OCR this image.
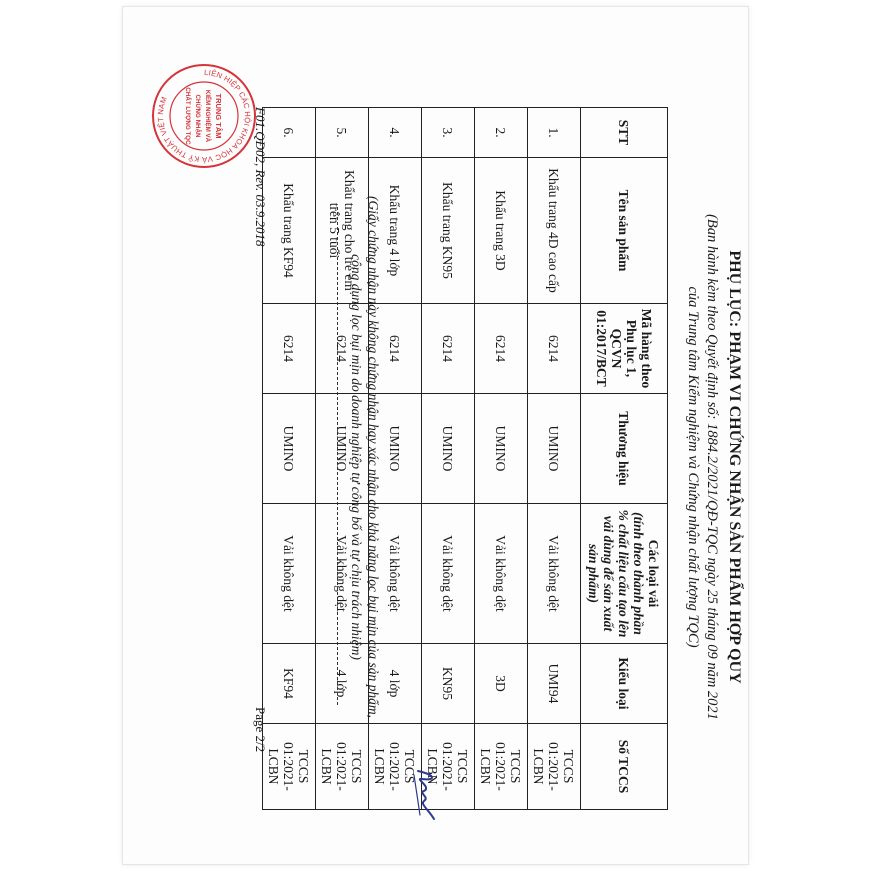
LIÊN HIỆP CÁC HỘI KHOA HỌC VÀ KỸ THUẬT VIỆT NAM	TRUNG TÂM
KIỂM NGHIỆM VÀ
CHỨNG NHẬN
CHẤT LƯỢNG TQC

PHỤ LỤC: PHẠM VI CHỨNG NHẬN SẢN PHẨM HỢP QUY

(Ban hành kèm theo Quyết định số: 1884.2/2021/QĐ-TQC ngày 25 tháng 09 năm 2021
của Trung tâm Kiểm nghiệm và Chứng nhận chất lượng TQC)

STT	Tên sản phẩm	Mã hàng theo
Phụ lục 1,
QCVN
01:2017/BCT	Thương hiệu	Các loại vải
(tính theo thành phần
% chất liệu cấu tạo lên
vải dùng để sản xuất
sản phẩm)	Kiểu loại	Số TCCS
1.	Khẩu trang 4D cao cấp	6214	UMINO	Vải không dệt	UMI94	TCCS 01:2021-LCBN
2.	Khẩu trang 3D	6214	UMINO	Vải không dệt	3D	TCCS 01:2021-LCBN
3.	Khẩu trang KN95	6214	UMINO	Vải không dệt	KN95	TCCS 01:2021-LCBN
4.	Khẩu trang 4 lớp	6214	UMINO	Vải không dệt	4 lớp	TCCS 01:2021-LCBN
5.	Khẩu trang cho trẻ em trên 5 tuổi	6214	UMINO	Vải không dệt	4 lớp	TCCS 01:2021-LCBN
6.	Khẩu trang KF94	6214	UMINO	Vải không dệt	KF94	TCCS 01:2021-LCBN

(Giấy chứng nhận này không chứng nhận hay xác nhận cho khả năng lọc bụi mịn của sản phẩm,
công dụng lọc bụi mịn do doanh nghiệp tự công bố và tự chịu trách nhiệm)

F01.QĐ02, Rev. 03.9.2018
Page 2/2
